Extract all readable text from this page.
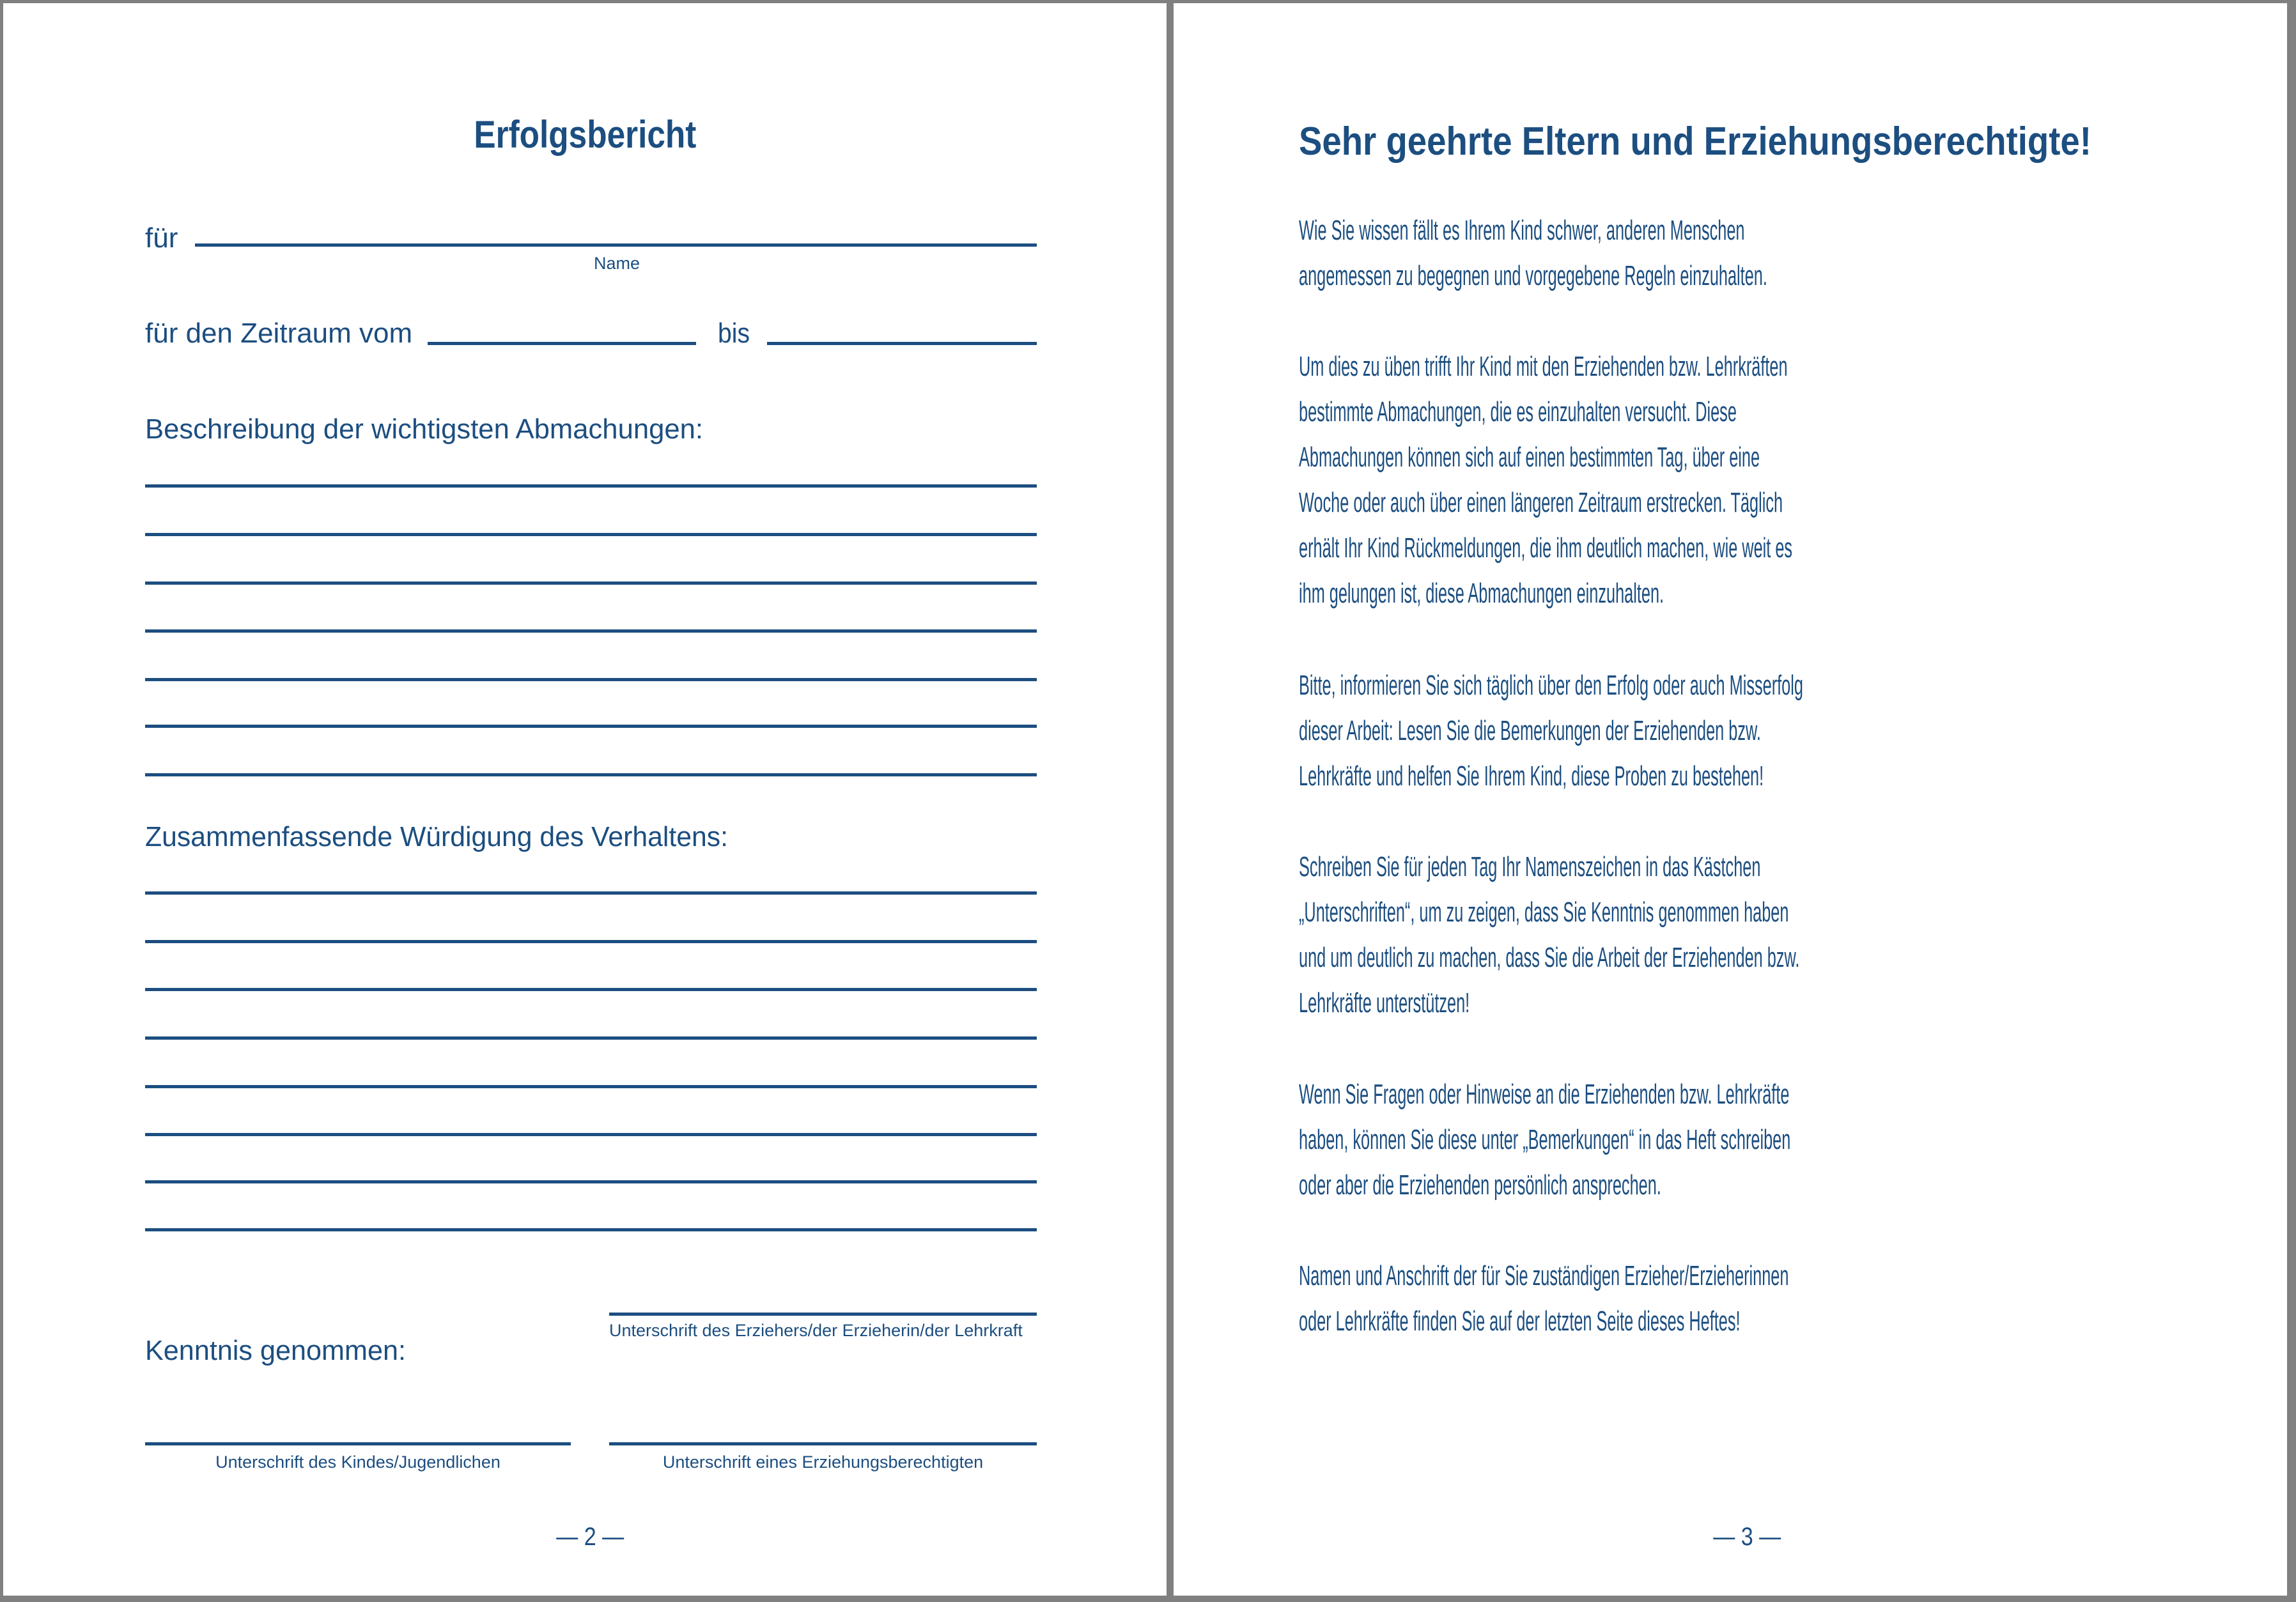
Erfolgsbericht
für
Name
für den Zeitraum vom	bis
Beschreibung der wichtigsten Abmachungen:
Zusammenfassende Würdigung des Verhaltens:
Unterschrift des Erziehers/der Erzieherin/der Lehrkraft
Kenntnis genommen:
Unterschrift des Kindes/Jugendlichen	Unterschrift eines Erziehungsberechtigten
— 2 —
Sehr geehrte Eltern und Erziehungsberechtigte!
Wie Sie wissen fällt es Ihrem Kind schwer, anderen Menschen
angemessen zu begegnen und vorgegebene Regeln einzuhalten.
Um dies zu üben trifft Ihr Kind mit den Erziehenden bzw. Lehrkräften
bestimmte Abmachungen, die es einzuhalten versucht. Diese
Abmachungen können sich auf einen bestimmten Tag, über eine
Woche oder auch über einen längeren Zeitraum erstrecken. Täglich
erhält Ihr Kind Rückmeldungen, die ihm deutlich machen, wie weit es
ihm gelungen ist, diese Abmachungen einzuhalten.
Bitte, informieren Sie sich täglich über den Erfolg oder auch Misserfolg
dieser Arbeit: Lesen Sie die Bemerkungen der Erziehenden bzw.
Lehrkräfte und helfen Sie Ihrem Kind, diese Proben zu bestehen!
Schreiben Sie für jeden Tag Ihr Namenszeichen in das Kästchen
„Unterschriften“, um zu zeigen, dass Sie Kenntnis genommen haben
und um deutlich zu machen, dass Sie die Arbeit der Erziehenden bzw.
Lehrkräfte unterstützen!
Wenn Sie Fragen oder Hinweise an die Erziehenden bzw. Lehrkräfte
haben, können Sie diese unter „Bemerkungen“ in das Heft schreiben
oder aber die Erziehenden persönlich ansprechen.
Namen und Anschrift der für Sie zuständigen Erzieher/Erzieherinnen
oder Lehrkräfte finden Sie auf der letzten Seite dieses Heftes!
— 3 —
